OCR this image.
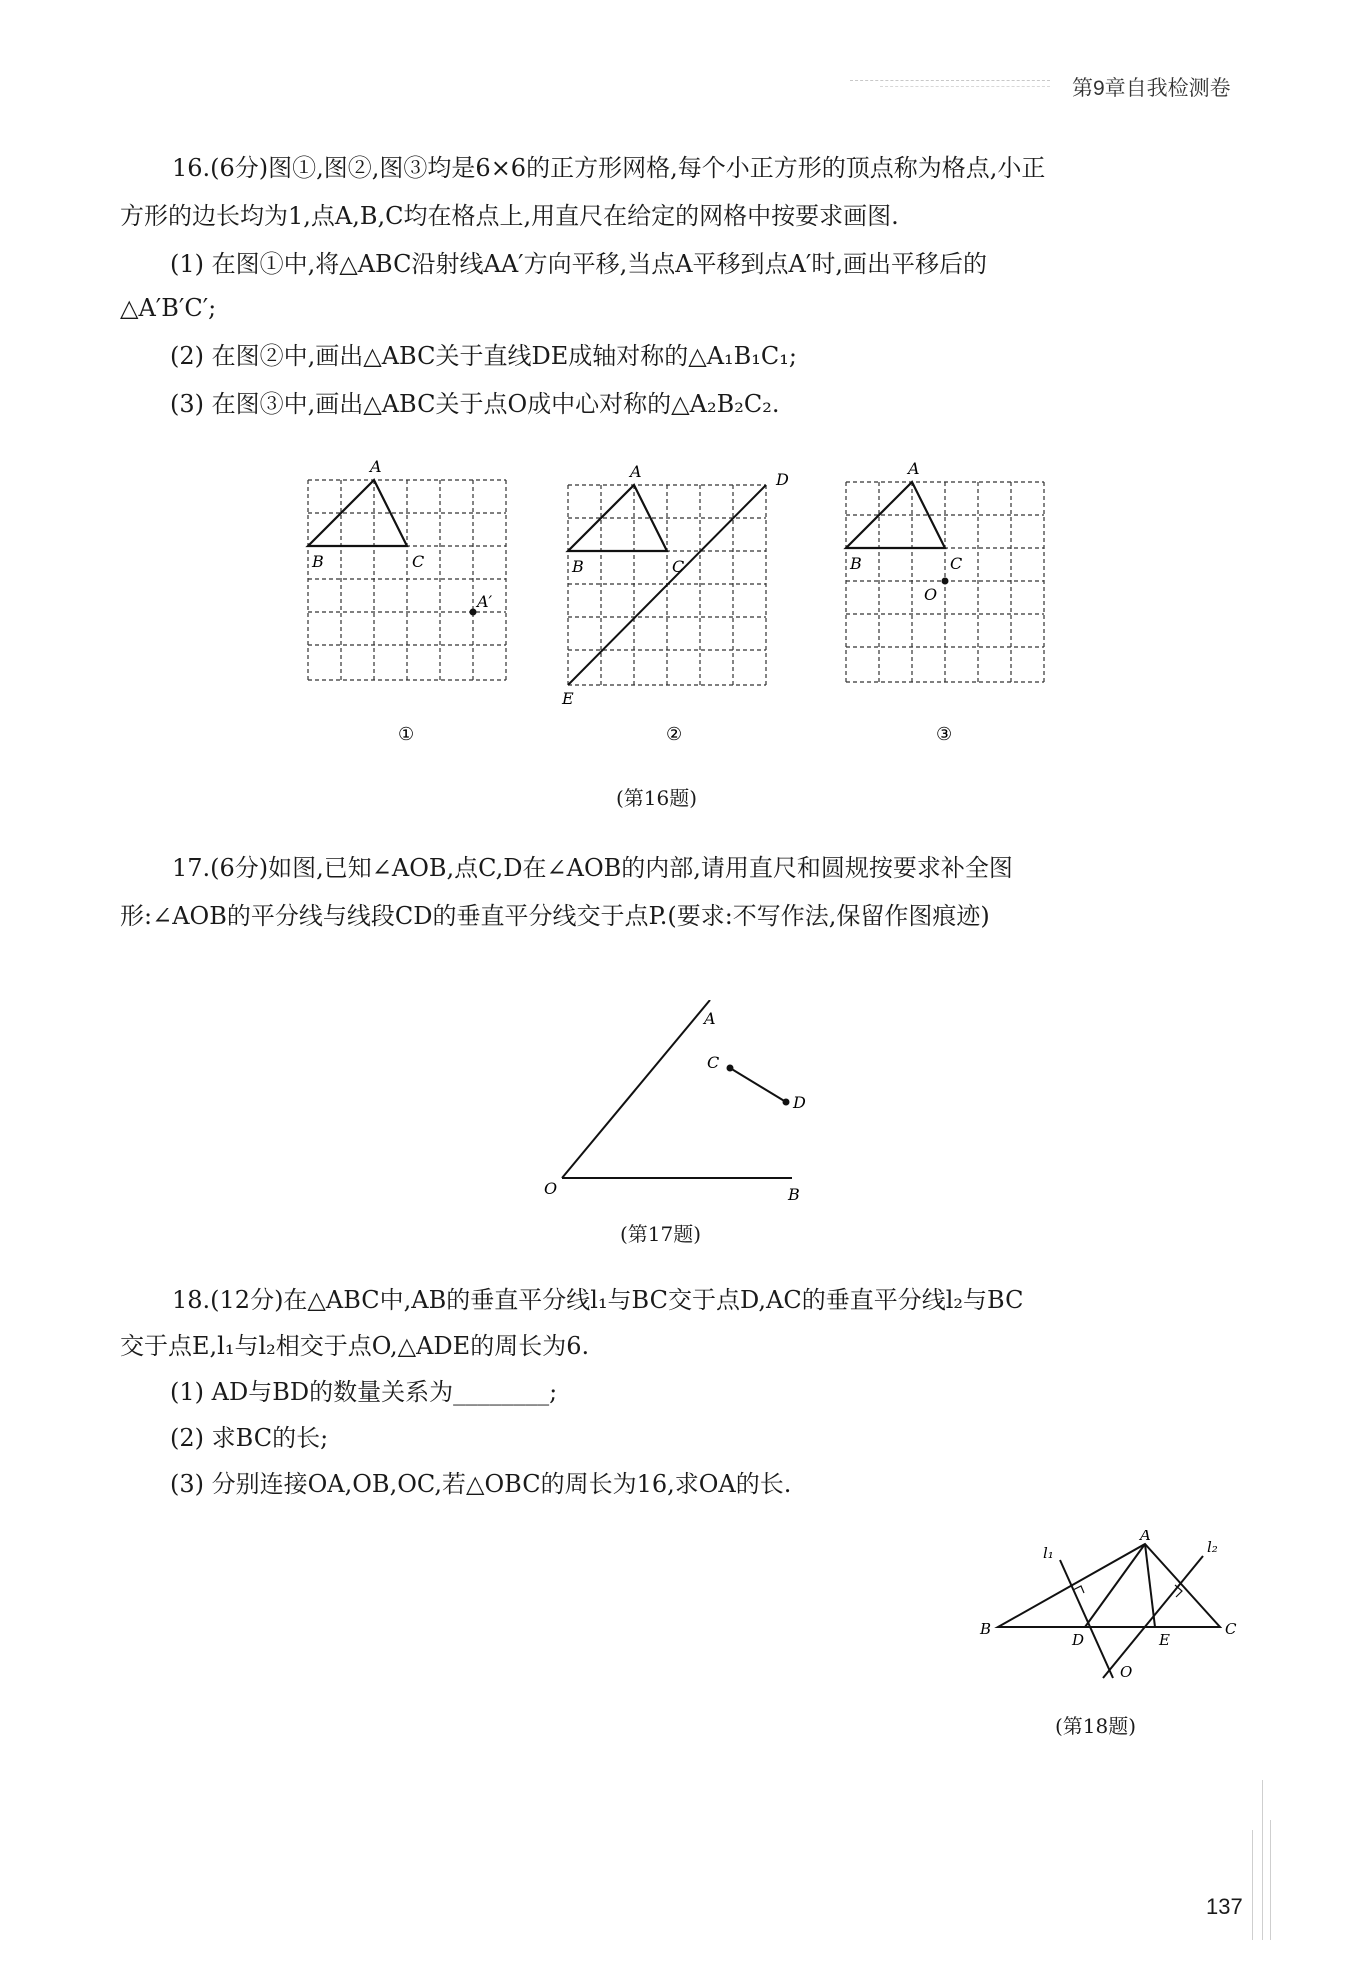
第9章自我检测卷
16.(6分)图①,图②,图③均是6×6的正方形网格,每个小正方形的顶点称为格点,小正
方形的边长均为1,点A,B,C均在格点上,用直尺在给定的网格中按要求画图.
(1) 在图①中,将△ABC沿射线AA′方向平移,当点A平移到点A′时,画出平移后的
△A′B′C′;
(2) 在图②中,画出△ABC关于直线DE成轴对称的△A₁B₁C₁;
(3) 在图③中,画出△ABC关于点O成中心对称的△A₂B₂C₂.
A
B	C
A′
①
A
B	C
D
E
②
A
B	C
O
③
(第16题)
17.(6分)如图,已知∠AOB,点C,D在∠AOB的内部,请用直尺和圆规按要求补全图
形:∠AOB的平分线与线段CD的垂直平分线交于点P.(要求:不写作法,保留作图痕迹)
A
C
D
O	B
(第17题)
18.(12分)在△ABC中,AB的垂直平分线l₁与BC交于点D,AC的垂直平分线l₂与BC
交于点E,l₁与l₂相交于点O,△ADE的周长为6.
(1) AD与BD的数量关系为________;
(2) 求BC的长;
(3) 分别连接OA,OB,OC,若△OBC的周长为16,求OA的长.
A
B	C
D	E
O
l₁	l₂
(第18题)
137
